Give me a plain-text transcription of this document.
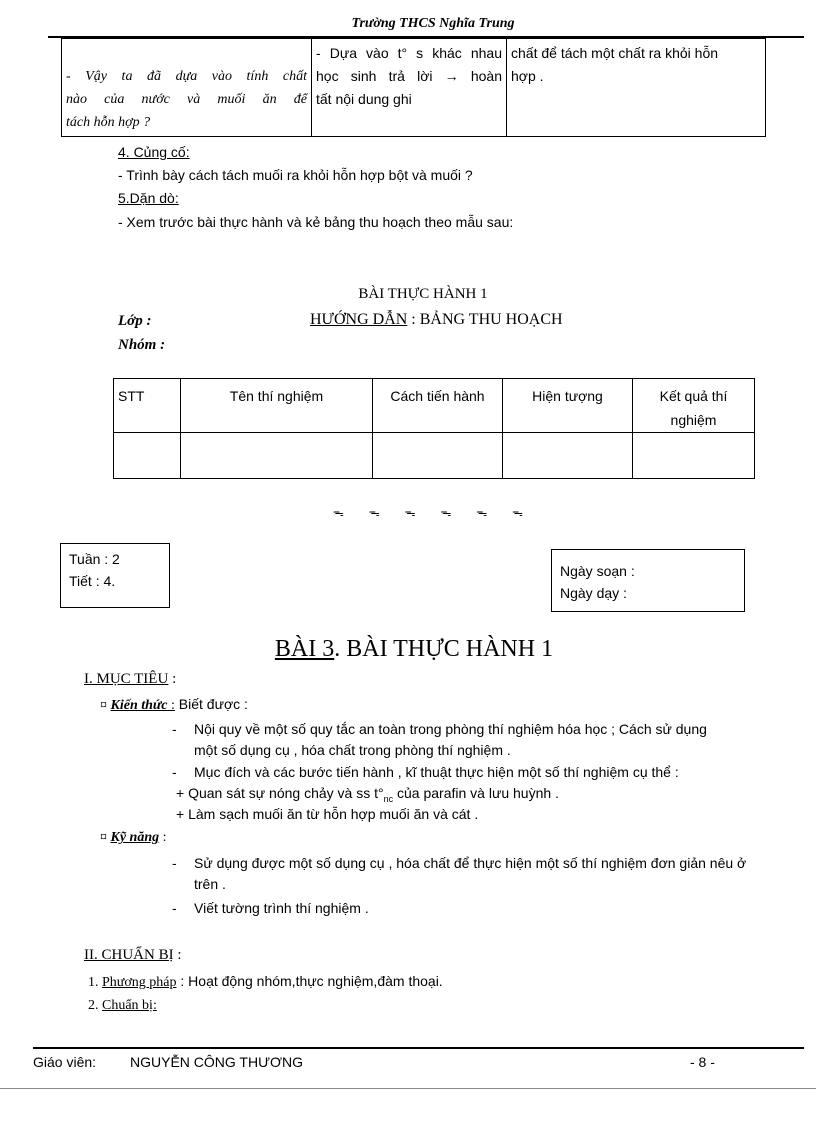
Trường THCS Nghĩa Trung
- Vậy ta đã dựa vào tính chất
nào của nước và muối ăn để
tách hỗn hợp ?

- Dựa vào t° s khác nhau
học sinh trả lời → hoàn
tất nội dung ghi

chất để tách một chất ra khỏi hỗn
hợp .
4. Củng cố:
- Trình bày cách tách muối ra khỏi hỗn hợp bột và muối ?
5.Dặn dò:
- Xem trước bài thực hành và kẻ bảng thu hoạch theo mẫu sau:
BÀI THỰC HÀNH 1
Lớp :	HƯỚNG DẪN : BẢNG THU HOẠCH
Nhóm :
STT	Tên thí nghiệm	Cách tiến hành	Hiện tượng	Kết quả thí nghiệm

ᯓ ᯓ ᯓ ᯓ ᯓ ᯓ
Tuần : 2
Tiết : 4.
Ngày soạn :
Ngày dạy :
BÀI 3. BÀI THỰC HÀNH 1
I. MỤC TIÊU :
¤ Kiến thức : Biết được :
- Nội quy về một số quy tắc an toàn trong phòng thí nghiệm hóa học ; Cách sử dụng
một số dụng cụ , hóa chất trong phòng thí nghiệm .
- Mục đích và các bước tiến hành , kĩ thuật thực hiện một số thí nghiệm cụ thể :
+ Quan sát sự nóng chảy và ss $t^\circ_{nc}$ của parafin và lưu huỳnh .
+ Làm sạch muối ăn từ hỗn hợp muối ăn và cát .
¤ Kỹ năng :
- Sử dụng được một số dụng cụ , hóa chất để thực hiện một số thí nghiệm đơn giản nêu ở
trên .
- Viết tường trình thí nghiệm .
II. CHUẨN BỊ :
1. Phương pháp : Hoạt động nhóm,thực nghiệm,đàm thoại.
2. Chuẩn bị:
Giáo viên: NGUYỄN CÔNG THƯƠNG	- 8 -
